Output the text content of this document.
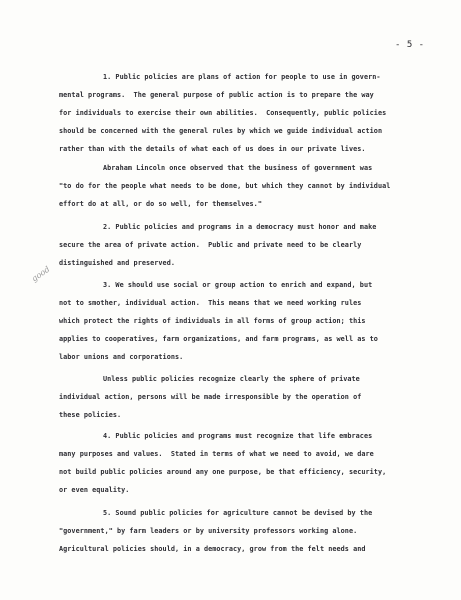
- 5 -
good
1. Public policies are plans of action for people to use in govern-
mental programs.  The general purpose of public action is to prepare the way
for individuals to exercise their own abilities.  Consequently, public policies
should be concerned with the general rules by which we guide individual action
rather than with the details of what each of us does in our private lives.
Abraham Lincoln once observed that the business of government was
"to do for the people what needs to be done, but which they cannot by individual
effort do at all, or do so well, for themselves."
2. Public policies and programs in a democracy must honor and make
secure the area of private action.  Public and private need to be clearly
distinguished and preserved.
3. We should use social or group action to enrich and expand, but
not to smother, individual action.  This means that we need working rules
which protect the rights of individuals in all forms of group action; this
applies to cooperatives, farm organizations, and farm programs, as well as to
labor unions and corporations.
Unless public policies recognize clearly the sphere of private
individual action, persons will be made irresponsible by the operation of
these policies.
4. Public policies and programs must recognize that life embraces
many purposes and values.  Stated in terms of what we need to avoid, we dare
not build public policies around any one purpose, be that efficiency, security,
or even equality.
5. Sound public policies for agriculture cannot be devised by the
"government," by farm leaders or by university professors working alone.
Agricultural policies should, in a democracy, grow from the felt needs and
